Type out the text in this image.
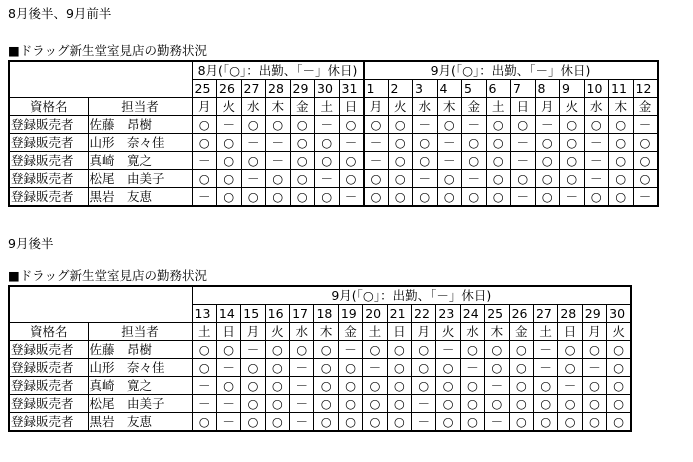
8月後半、9月前半
■ドラッグ新生堂室見店の勤務状況
		8月(「○」：出勤、「－」休日)							9月(「○」：出勤、「－」休日)											
		25	26	27	28	29	30	31	1	2	3	4	5	6	7	8	9	10	11	12
資格名	担当者	月	火	水	木	金	土	日	月	火	水	木	金	土	日	月	火	水	木	金
登録販売者	佐藤　昂樹	○	－	○	○	○	－	○	○	○	－	○	－	○	○	－	○	○	○	－
登録販売者	山形　奈々佳	○	○	－	－	○	○	－	－	○	○	－	○	○	－	○	○	－	○	○
登録販売者	真崎　寛之	－	○	○	－	○	○	○	－	○	○	－	○	○	－	○	○	－	○	○
登録販売者	松尾　由美子	○	○	－	○	○	－	○	○	○	－	○	－	○	○	○	○	－	○	○
登録販売者	黒岩　友恵	－	○	○	○	○	○	－	○	○	○	○	○	○	－	○	－	○	○	－
9月後半
■ドラッグ新生堂室見店の勤務状況
		9月(「○」：出勤、「－」休日)																	
		13	14	15	16	17	18	19	20	21	22	23	24	25	26	27	28	29	30
資格名	担当者	土	日	月	火	水	木	金	土	日	月	火	水	木	金	土	日	月	火
登録販売者	佐藤　昂樹	○	○	－	○	○	○	－	○	○	○	－	○	○	○	－	○	○	○
登録販売者	山形　奈々佳	○	－	○	○	－	○	○	－	○	○	○	－	○	○	－	○	－	○
登録販売者	真崎　寛之	－	○	○	○	－	○	○	○	○	○	○	○	－	○	○	－	○	○
登録販売者	松尾　由美子	－	－	○	○	－	○	○	○	○	－	○	○	○	○	○	○	○	○
登録販売者	黒岩　友恵	○	－	○	○	－	○	○	○	○	－	○	○	－	○	○	○	○	○
